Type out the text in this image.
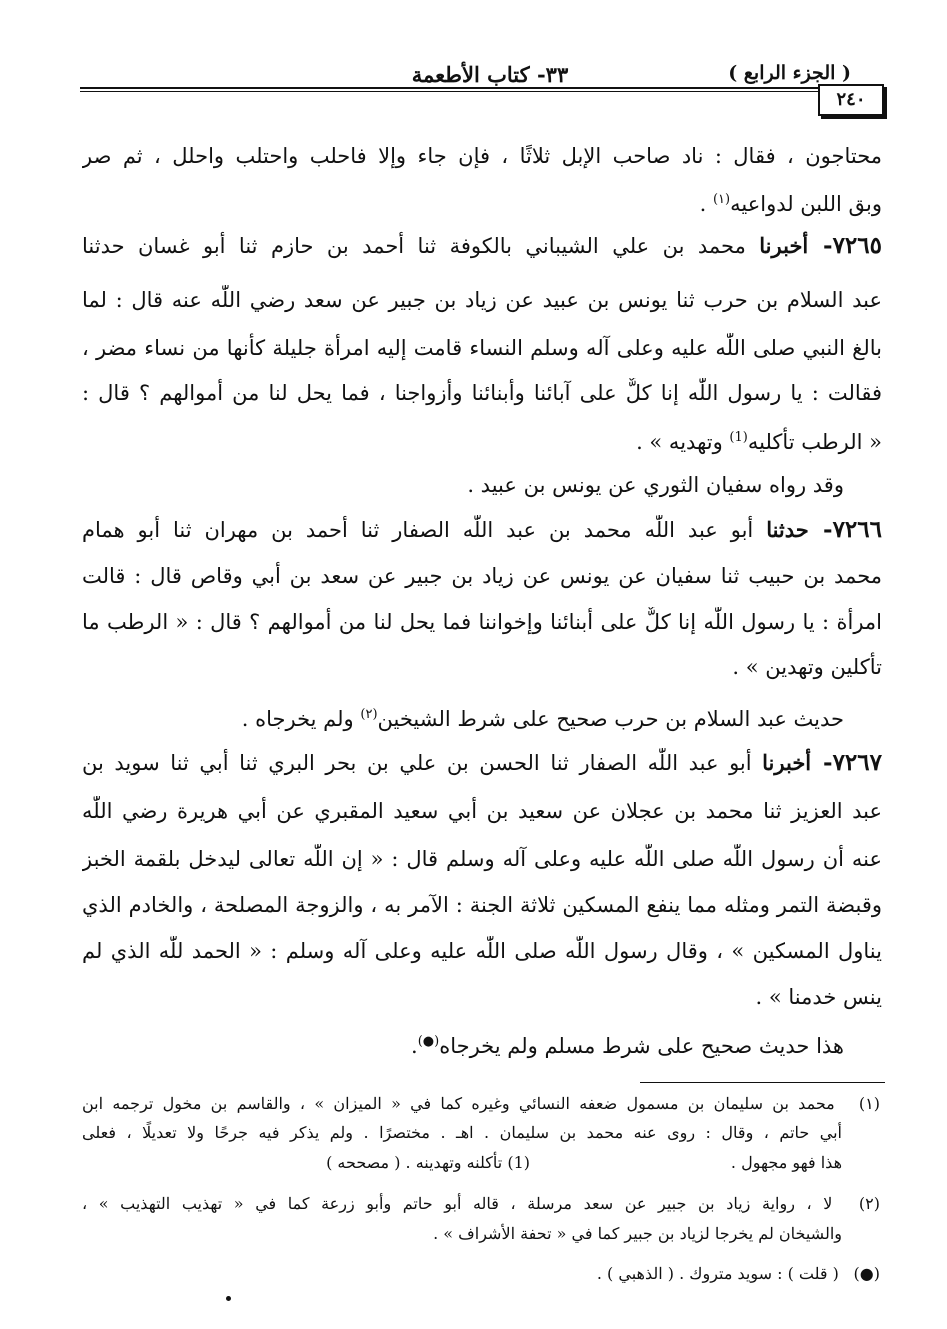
( الجزء الرابع )
٣٣- كتاب الأطعمة
٢٤٠
محتاجون ، فقال : ناد صاحب الإبل ثلاثًا ، فإن جاء وإلا فاحلب واحتلب واحلل ، ثم صر
وبق اللبن لدواعيه$^{(١)}$ .
٧٢٦٥- أخبرنا محمد بن علي الشيباني بالكوفة ثنا أحمد بن حازم ثنا أبو غسان حدثنا
عبد السلام بن حرب ثنا يونس بن عبيد عن زياد بن جبير عن سعد رضي اللّٰه عنه قال : لما
بالغ النبي صلى اللّٰه عليه وعلى آله وسلم النساء قامت إليه امرأة جليلة كأنها من نساء مضر ،
فقالت : يا رسول اللّٰه إنا كلٌّ على آبائنا وأبنائنا وأزواجنا ، فما يحل لنا من أموالهم ؟ قال :
« الرطب تأكليه$^{(1)}$ وتهديه » .
وقد رواه سفيان الثوري عن يونس بن عبيد .
٧٢٦٦- حدثنا أبو عبد اللّٰه محمد بن عبد اللّٰه الصفار ثنا أحمد بن مهران ثنا أبو همام
محمد بن حبيب ثنا سفيان عن يونس عن زياد بن جبير عن سعد بن أبي وقاص قال : قالت
امرأة : يا رسول اللّٰه إنا كلٌّ على أبنائنا وإخواننا فما يحل لنا من أموالهم ؟ قال : « الرطب ما
تأكلين وتهدين » .
حديث عبد السلام بن حرب صحيح على شرط الشيخين$^{(٢)}$ ولم يخرجاه .
٧٢٦٧- أخبرنا أبو عبد اللّٰه الصفار ثنا الحسن بن علي بن بحر البري ثنا أبي ثنا سويد بن
عبد العزيز ثنا محمد بن عجلان عن سعيد بن أبي سعيد المقبري عن أبي هريرة رضي اللّٰه
عنه أن رسول اللّٰه صلى اللّٰه عليه وعلى آله وسلم قال : « إن اللّٰه تعالى ليدخل بلقمة الخبز
وقبضة التمر ومثله مما ينفع المسكين ثلاثة الجنة : الآمر به ، والزوجة المصلحة ، والخادم الذي
يناول المسكين » ، وقال رسول اللّٰه صلى اللّٰه عليه وعلى آله وسلم : « الحمد للّٰه الذي لم
ينس خدمنا » .
هذا حديث صحيح على شرط مسلم ولم يخرجاه(●).
(١) محمد بن سليمان بن مسمول ضعفه النسائي وغيره كما في « الميزان » ، والقاسم بن مخول ترجمه ابن
أبي حاتم ، وقال : روى عنه محمد بن سليمان . اهـ . مختصرًا . ولم يذكر فيه جرحًا ولا تعديلًا ، فعلى
هذا فهو مجهول .
(1) تأكلنه وتهدينه . ( مصححه )
(٢) لا ، رواية زياد بن جبير عن سعد مرسلة ، قاله أبو حاتم وأبو زرعة كما في « تهذيب التهذيب » ،
والشيخان لم يخرجا لزياد بن جبير كما في « تحفة الأشراف » .
(●) ( قلت ) : سويد متروك . ( الذهبي ) .
